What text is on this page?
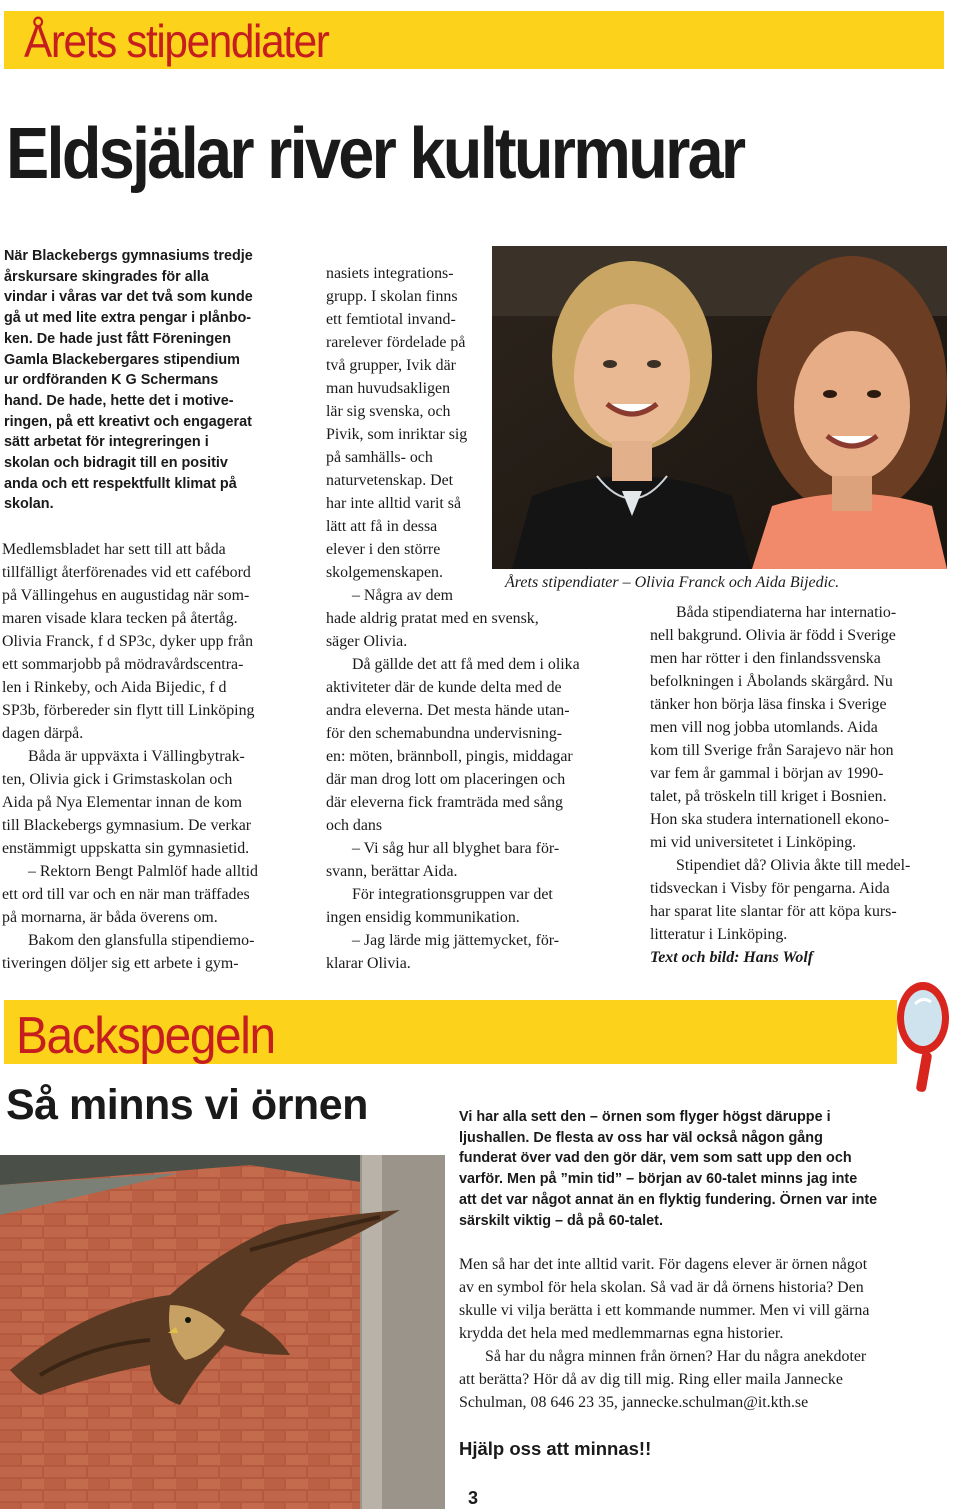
Årets stipendiater
Eldsjälar river kulturmurar
När Blackebergs gymnasiums tredje
årskursare skingrades för alla
vindar i våras var det två som kunde
gå ut med lite extra pengar i plånbo-
ken. De hade just fått Föreningen
Gamla Blackebergares stipendium
ur ordföranden K G Schermans
hand. De hade, hette det i motive-
ringen, på ett kreativt och engagerat
sätt arbetat för integreringen i
skolan och bidragit till en positiv
anda och ett respektfullt klimat på
skolan.
Medlemsbladet har sett till att båda
tillfälligt återförenades vid ett cafébord
på Vällingehus en augustidag när som-
maren visade klara tecken på återtåg.
Olivia Franck, f d SP3c, dyker upp från
ett sommarjobb på mödravårdscentra-
len i Rinkeby, och Aida Bijedic, f d
SP3b, förbereder sin flytt till Linköping
dagen därpå.
Båda är uppväxta i Vällingbytrak-
ten, Olivia gick i Grimstaskolan och
Aida på Nya Elementar innan de kom
till Blackebergs gymnasium. De verkar
enstämmigt uppskatta sin gymnasietid.
– Rektorn Bengt Palmlöf hade alltid
ett ord till var och en när man träffades
på mornarna, är båda överens om.
Bakom den glansfulla stipendiemo-
tiveringen döljer sig ett arbete i gym-
nasiets integrations-
grupp. I skolan finns
ett femtiotal invand-
rarelever fördelade på
två grupper, Ivik där
man huvudsakligen
lär sig svenska, och
Pivik, som inriktar sig
på samhälls- och
naturvetenskap. Det
har inte alltid varit så
lätt att få in dessa
elever i den större
skolgemenskapen.
– Några av dem
hade aldrig pratat med en svensk,
säger Olivia.
Då gällde det att få med dem i olika
aktiviteter där de kunde delta med de
andra eleverna. Det mesta hände utan-
för den schemabundna undervisning-
en: möten, brännboll, pingis, middagar
där man drog lott om placeringen och
där eleverna fick framträda med sång
och dans
– Vi såg hur all blyghet bara för-
svann, berättar Aida.
För integrationsgruppen var det
ingen ensidig kommunikation.
– Jag lärde mig jättemycket, för-
klarar Olivia.
Årets stipendiater – Olivia Franck och Aida Bijedic.
Båda stipendiaterna har internatio-
nell bakgrund. Olivia är född i Sverige
men har rötter i den finlandssvenska
befolkningen i Åbolands skärgård. Nu
tänker hon börja läsa finska i Sverige
men vill nog jobba utomlands. Aida
kom till Sverige från Sarajevo när hon
var fem år gammal i början av 1990-
talet, på tröskeln till kriget i Bosnien.
Hon ska studera internationell ekono-
mi vid universitetet i Linköping.
Stipendiet då? Olivia åkte till medel-
tidsveckan i Visby för pengarna. Aida
har sparat lite slantar för att köpa kurs-
litteratur i Linköping.
Text och bild: Hans Wolf
Backspegeln
Så minns vi örnen	Vi har alla sett den – örnen som flyger högst däruppe i
ljushallen. De flesta av oss har väl också någon gång
funderat över vad den gör där, vem som satt upp den och
varför. Men på ”min tid” – början av 60-talet minns jag inte
att det var något annat än en flyktig fundering. Örnen var inte
särskilt viktig – då på 60-talet.
Men så har det inte alltid varit. För dagens elever är örnen något
av en symbol för hela skolan. Så vad är då örnens historia? Den
skulle vi vilja berätta i ett kommande nummer. Men vi vill gärna
krydda det hela med medlemmarnas egna historier.
Så har du några minnen från örnen? Har du några anekdoter
att berätta? Hör då av dig till mig. Ring eller maila Jannecke
Schulman, 08 646 23 35, jannecke.schulman@it.kth.se
Hjälp oss att minnas!!
3
